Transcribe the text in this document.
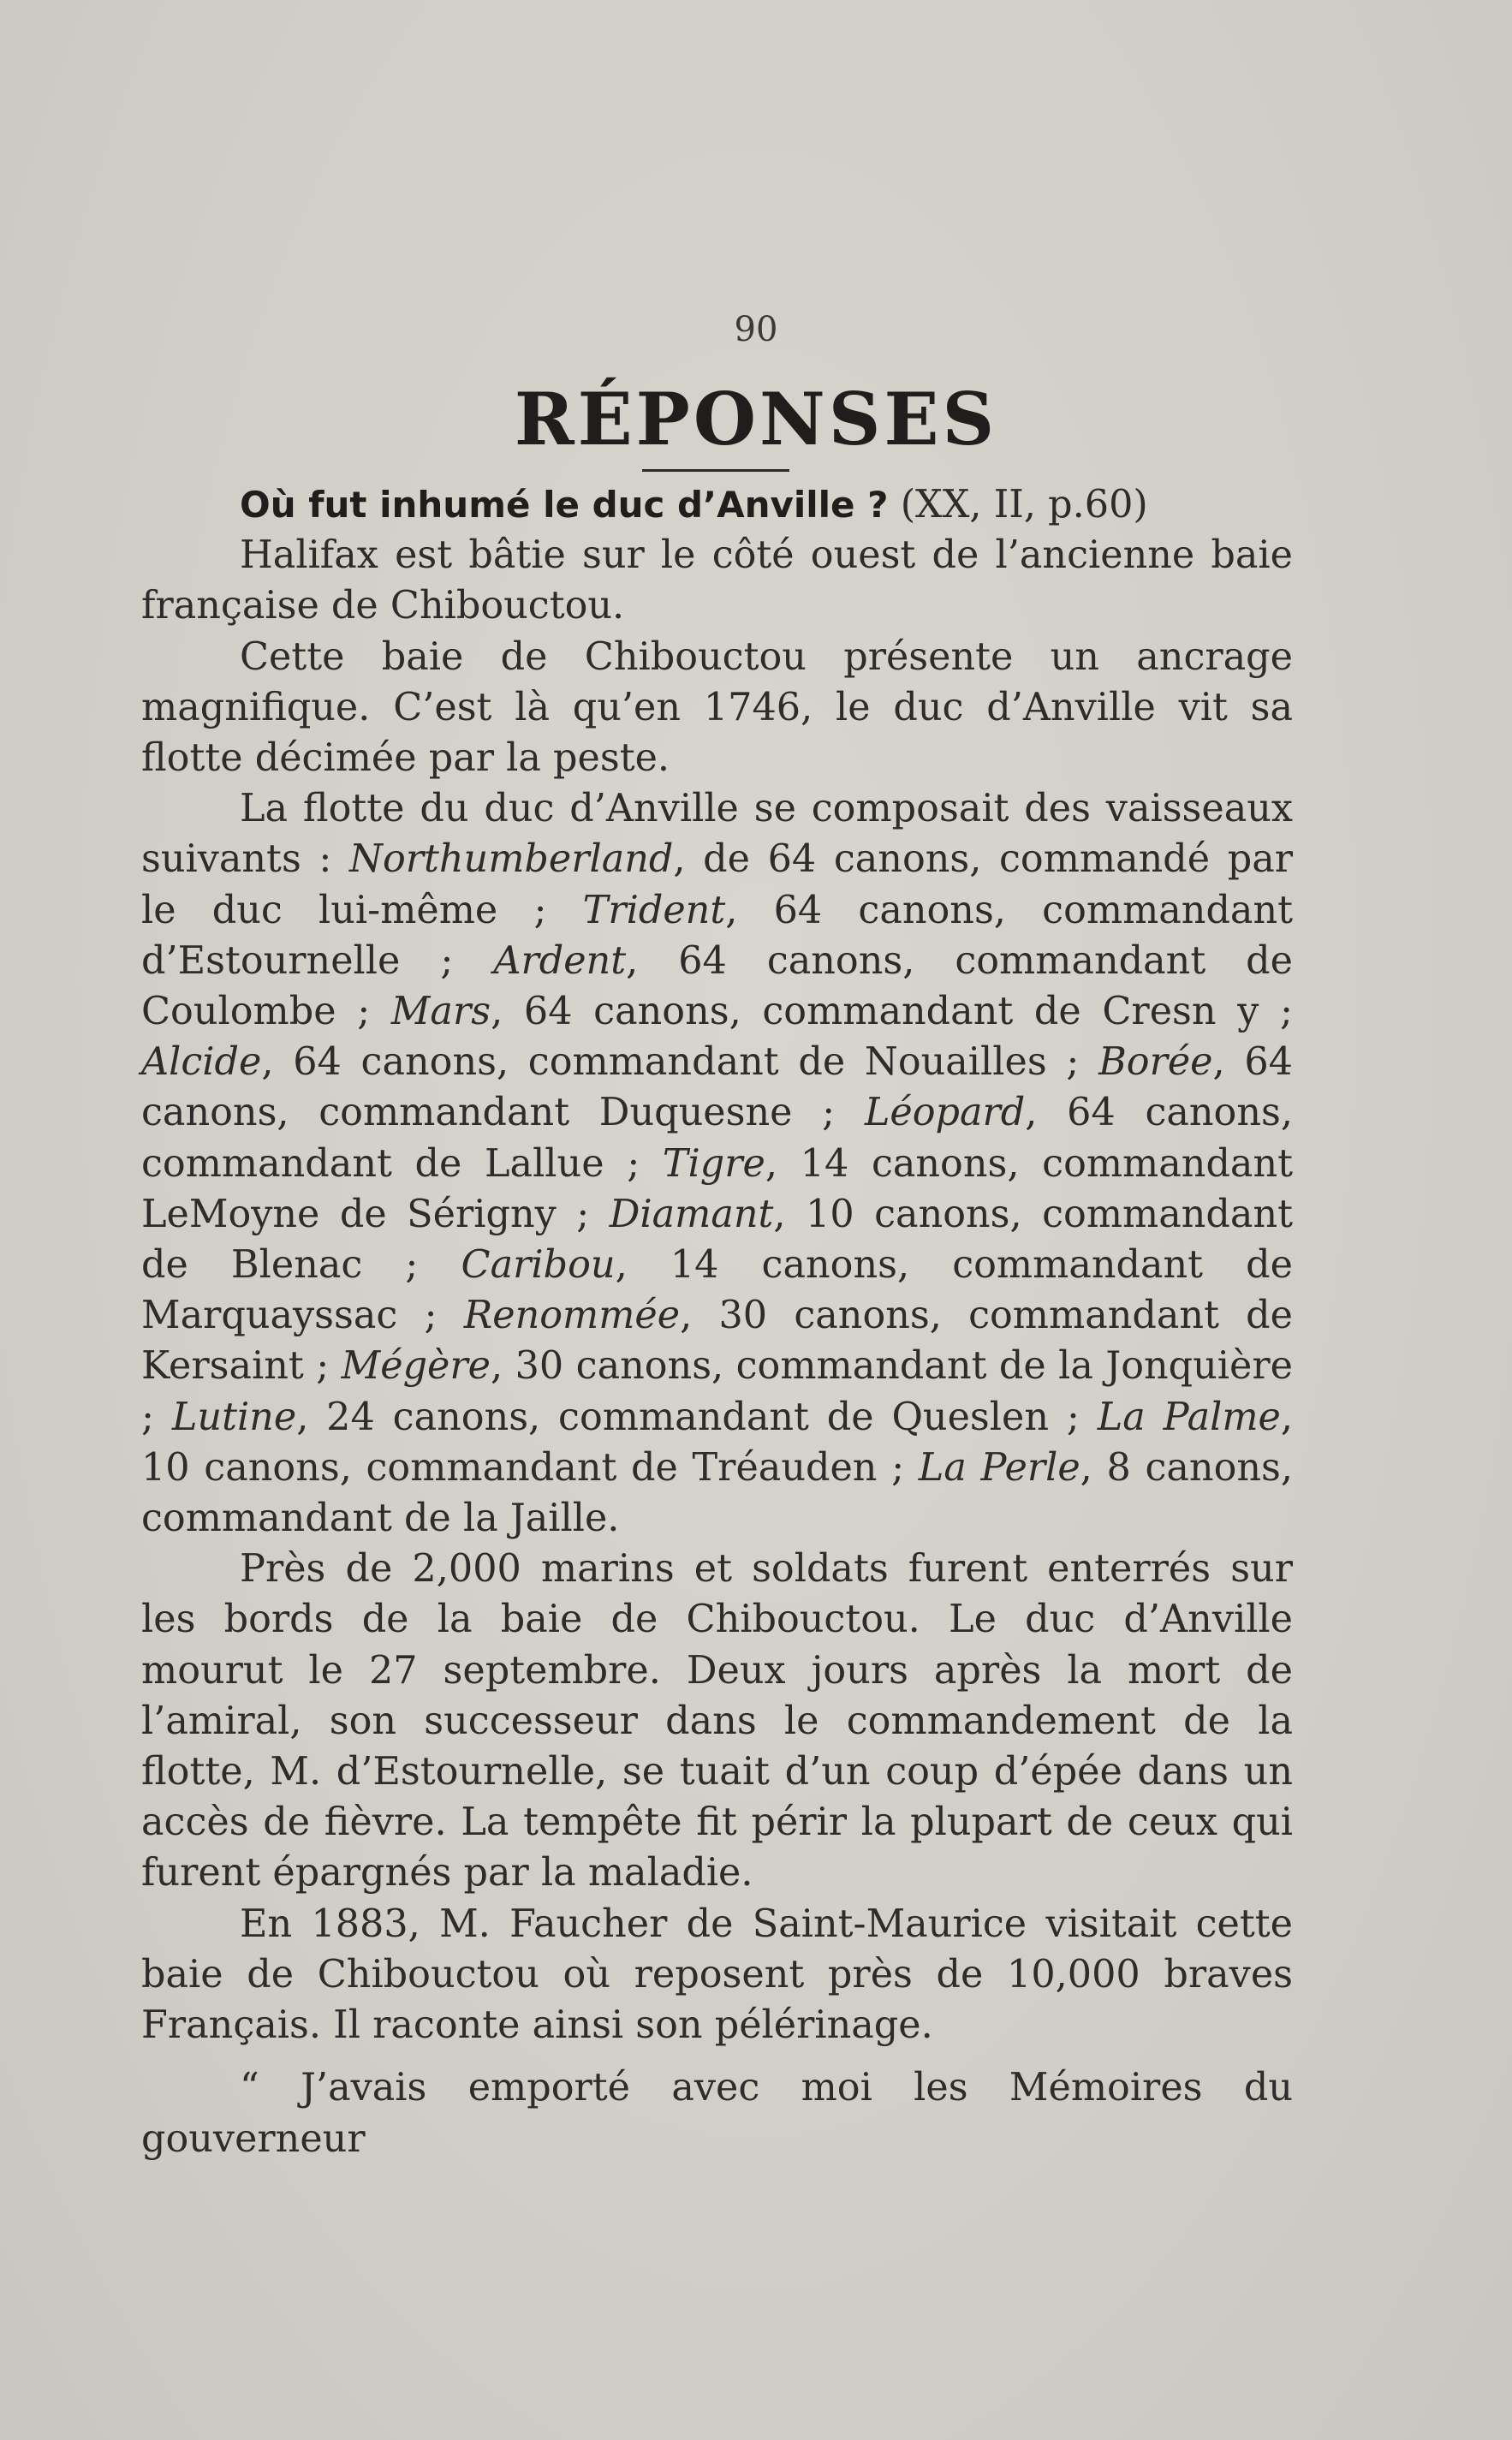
90
RÉPONSES

Où fut inhumé le duc d’Anville ? (XX, II, p.60)

Halifax est bâtie sur le côté ouest de l’ancienne baie française de Chibouctou.

Cette baie de Chibouctou présente un ancrage magnifique. C’est là qu’en 1746, le duc d’Anville vit sa flotte décimée par la peste.

La flotte du duc d’Anville se composait des vaisseaux suivants : Northumberland, de 64 canons, commandé par le duc lui-même ; Trident, 64 canons, commandant d’Estournelle ; Ardent, 64 canons, commandant de Coulombe ; Mars, 64 canons, commandant de Cresn y ; Alcide, 64 canons, commandant de Nouailles ; Borée, 64 canons, commandant Duquesne ; Léopard, 64 canons, commandant de Lallue ; Tigre, 14 canons, commandant LeMoyne de Sérigny ; Diamant, 10 canons, commandant de Blenac ; Caribou, 14 canons, commandant de Marquayssac ; Renommée, 30 canons, commandant de Kersaint ; Mégère, 30 canons, commandant de la Jonquière ; Lutine, 24 canons, commandant de Queslen ; La Palme, 10 canons, commandant de Tréauden ; La Perle, 8 canons, commandant de la Jaille.

Près de 2,000 marins et soldats furent enterrés sur les bords de la baie de Chibouctou. Le duc d’Anville mourut le 27 septembre. Deux jours après la mort de l’amiral, son successeur dans le commandement de la flotte, M. d’Estournelle, se tuait d’un coup d’épée dans un accès de fièvre. La tempête fit périr la plupart de ceux qui furent épargnés par la maladie.

En 1883, M. Faucher de Saint-Maurice visitait cette baie de Chibouctou où reposent près de 10,000 braves Français. Il raconte ainsi son pélérinage.

“ J’avais emporté avec moi les Mémoires du gouverneur
